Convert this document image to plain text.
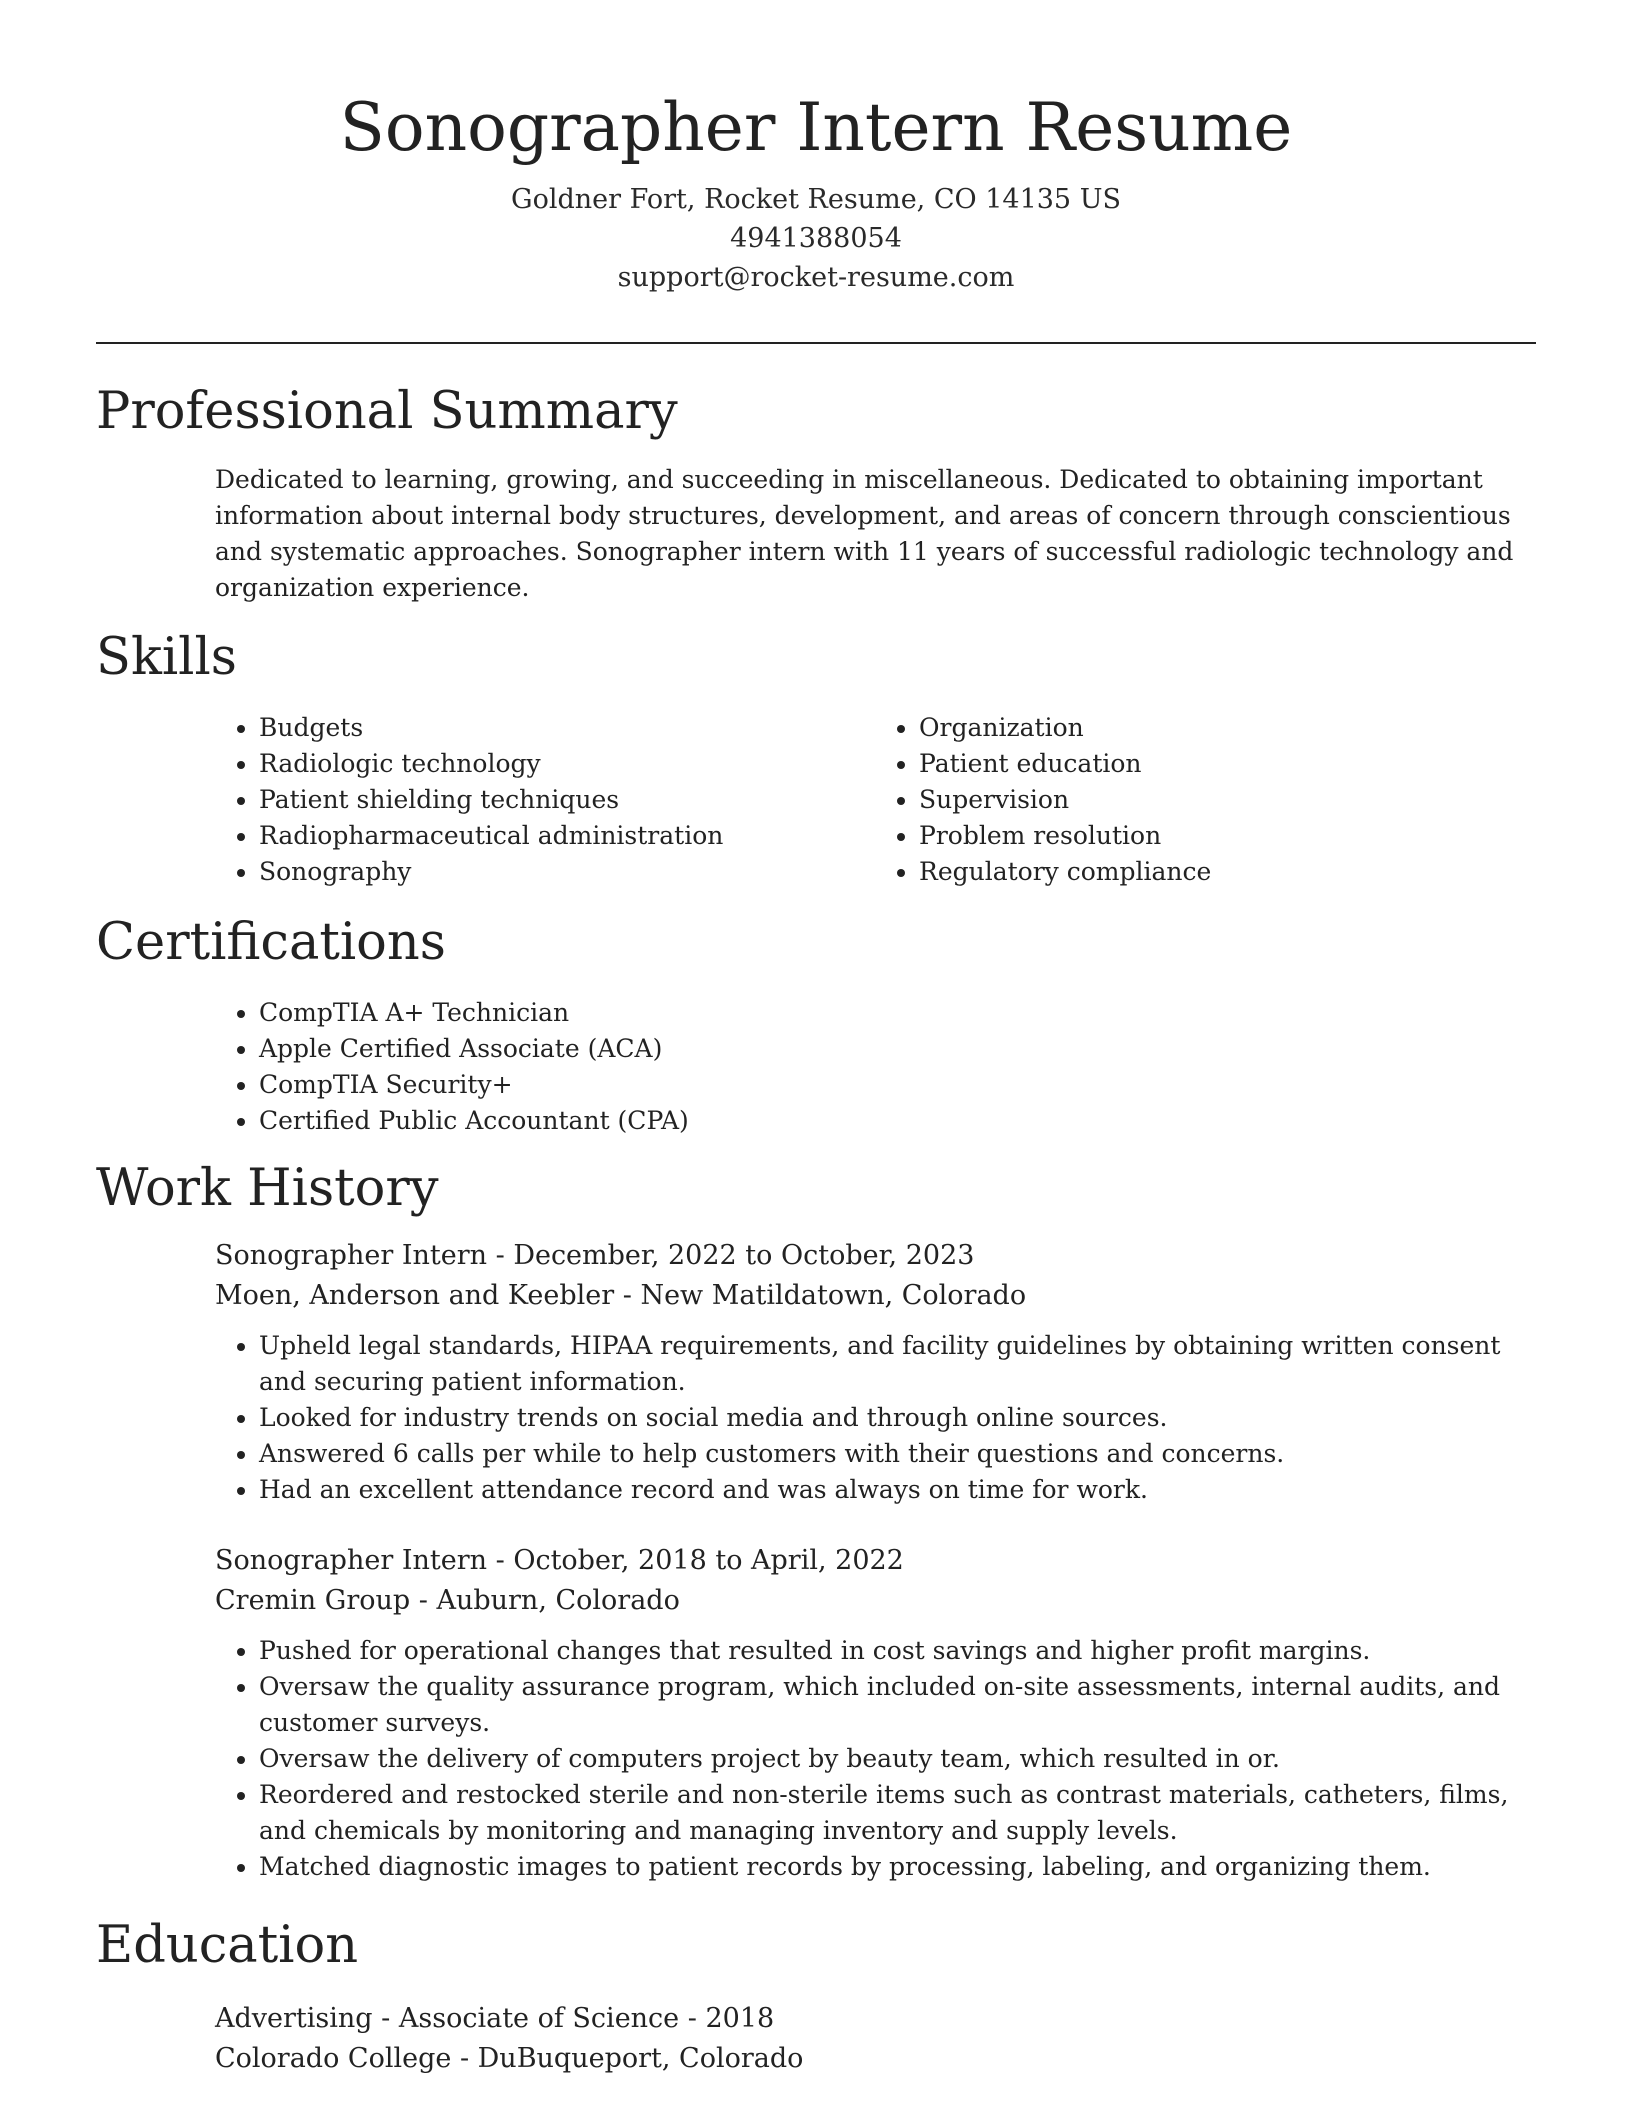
Sonographer Intern Resume
Goldner Fort, Rocket Resume, CO 14135 US
4941388054
support@rocket-resume.com
Professional Summary
Dedicated to learning, growing, and succeeding in miscellaneous. Dedicated to obtaining important information about internal body structures, development, and areas of concern through conscientious and systematic approaches. Sonographer intern with 11 years of successful radiologic technology and organization experience.
Skills
• Budgets
• Radiologic technology
• Patient shielding techniques
• Radiopharmaceutical administration
• Sonography
• Organization
• Patient education
• Supervision
• Problem resolution
• Regulatory compliance
Certifications
• CompTIA A+ Technician
• Apple Certified Associate (ACA)
• CompTIA Security+
• Certified Public Accountant (CPA)
Work History
Sonographer Intern - December, 2022 to October, 2023
Moen, Anderson and Keebler - New Matildatown, Colorado
• Upheld legal standards, HIPAA requirements, and facility guidelines by obtaining written consent and securing patient information.
• Looked for industry trends on social media and through online sources.
• Answered 6 calls per while to help customers with their questions and concerns.
• Had an excellent attendance record and was always on time for work.
Sonographer Intern - October, 2018 to April, 2022
Cremin Group - Auburn, Colorado
• Pushed for operational changes that resulted in cost savings and higher profit margins.
• Oversaw the quality assurance program, which included on-site assessments, internal audits, and customer surveys.
• Oversaw the delivery of computers project by beauty team, which resulted in or.
• Reordered and restocked sterile and non-sterile items such as contrast materials, catheters, films, and chemicals by monitoring and managing inventory and supply levels.
• Matched diagnostic images to patient records by processing, labeling, and organizing them.
Education
Advertising - Associate of Science - 2018
Colorado College - DuBuqueport, Colorado
